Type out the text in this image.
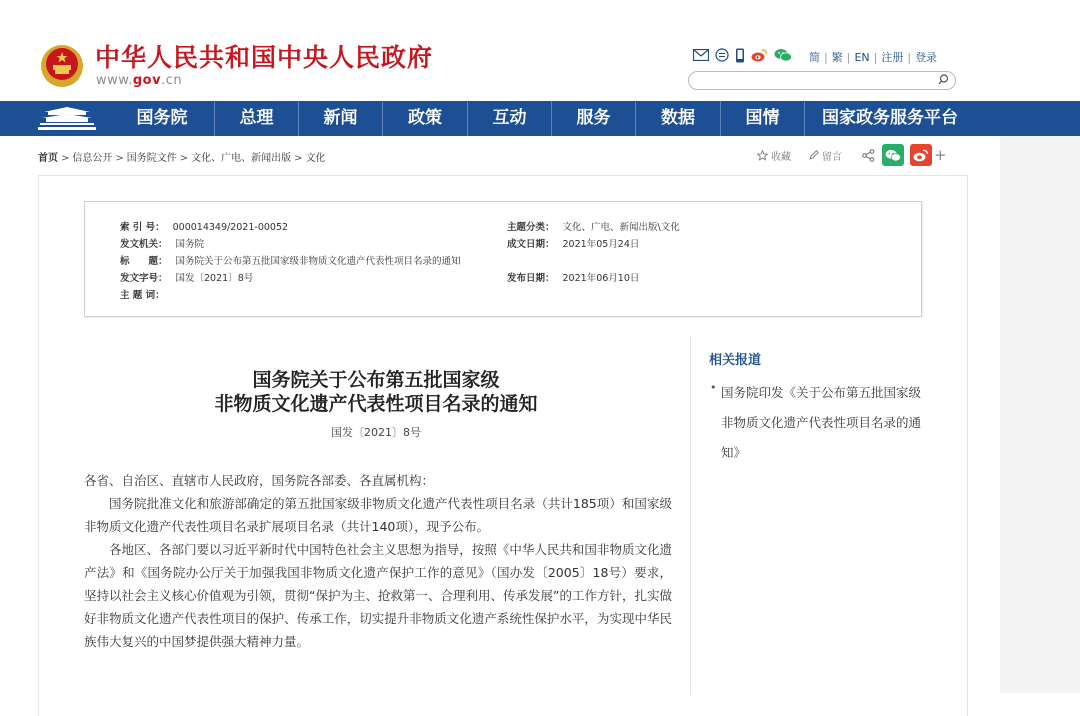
中华人民共和国中央人民政府
www.gov.cn
简 | 繁 | EN | 注册 | 登录
国务院	总理	新闻	政策	互动	服务	数据	国情	国家政务服务平台
首页 > 信息公开 > 国务院文件 > 文化、广电、新闻出版 > 文化	收藏	留言	+
索 引 号： 000014349/2021-00052	主题分类： 文化、广电、新闻出版\文化
发文机关： 国务院	成文日期： 2021年05月24日
标　　题： 国务院关于公布第五批国家级非物质文化遗产代表性项目名录的通知
发文字号： 国发〔2021〕8号	发布日期： 2021年06月10日
主 题 词：
国务院关于公布第五批国家级
非物质文化遗产代表性项目名录的通知
国发〔2021〕8号

各省、自治区、直辖市人民政府，国务院各部委、各直属机构：

国务院批准文化和旅游部确定的第五批国家级非物质文化遗产代表性项目名录（共计185项）和国家级非物质文化遗产代表性项目名录扩展项目名录（共计140项），现予公布。

各地区、各部门要以习近平新时代中国特色社会主义思想为指导，按照《中华人民共和国非物质文化遗产法》和《国务院办公厅关于加强我国非物质文化遗产保护工作的意见》（国办发〔2005〕18号）要求，坚持以社会主义核心价值观为引领，贯彻“保护为主、抢救第一、合理利用、传承发展”的工作方针，扎实做好非物质文化遗产代表性项目的保护、传承工作，切实提升非物质文化遗产系统性保护水平，为实现中华民族伟大复兴的中国梦提供强大精神力量。

相关报道
• 国务院印发《关于公布第五批国家级非物质文化遗产代表性项目名录的通知》
